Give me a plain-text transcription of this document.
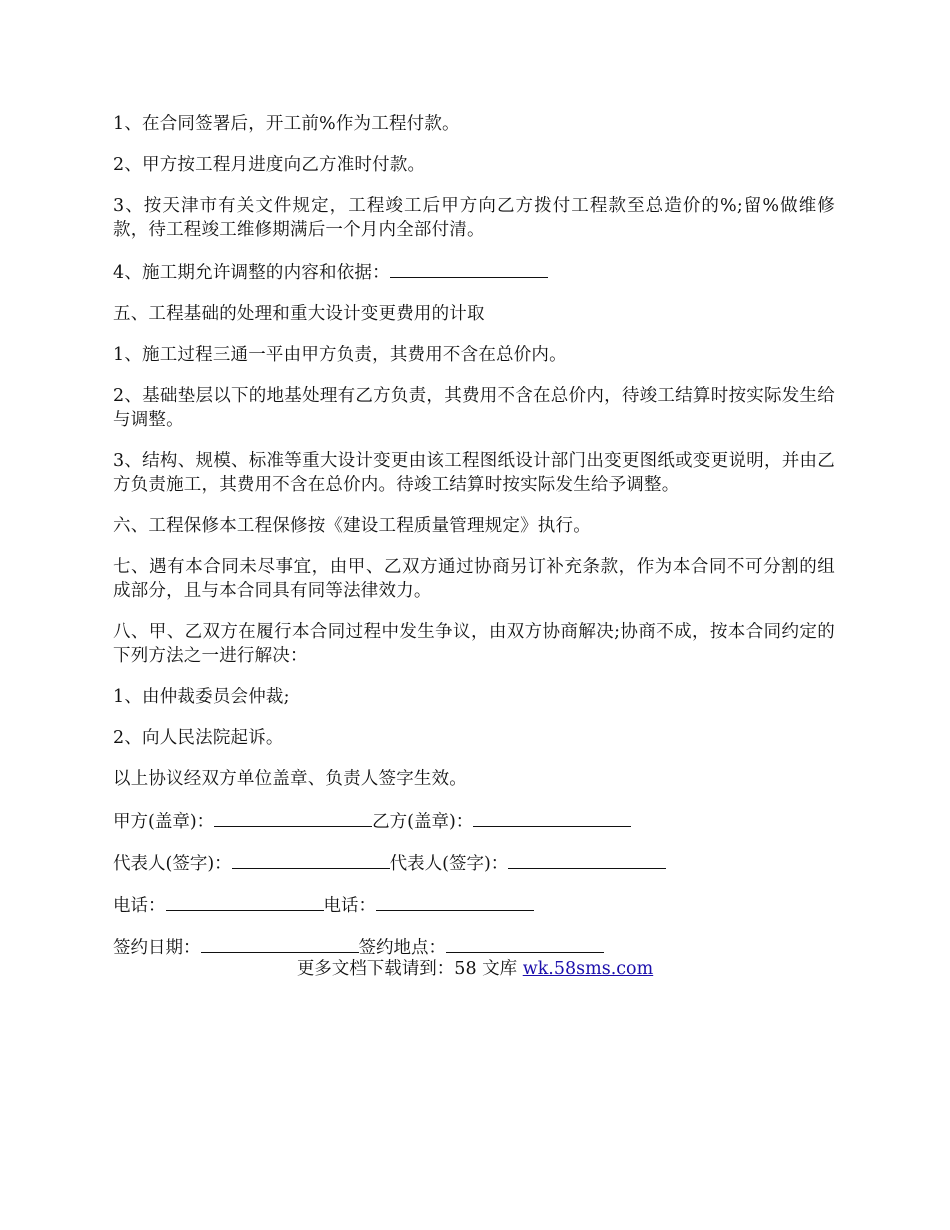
1、在合同签署后，开工前%作为工程付款。

2、甲方按工程月进度向乙方准时付款。

3、按天津市有关文件规定，工程竣工后甲方向乙方拨付工程款至总造价的%;留%做维修款，待工程竣工维修期满后一个月内全部付清。

4、施工期允许调整的内容和依据：

五、工程基础的处理和重大设计变更费用的计取

1、施工过程三通一平由甲方负责，其费用不含在总价内。

2、基础垫层以下的地基处理有乙方负责，其费用不含在总价内，待竣工结算时按实际发生给与调整。

3、结构、规模、标准等重大设计变更由该工程图纸设计部门出变更图纸或变更说明，并由乙方负责施工，其费用不含在总价内。待竣工结算时按实际发生给予调整。

六、工程保修本工程保修按《建设工程质量管理规定》执行。

七、遇有本合同未尽事宜，由甲、乙双方通过协商另订补充条款，作为本合同不可分割的组成部分，且与本合同具有同等法律效力。

八、甲、乙双方在履行本合同过程中发生争议，由双方协商解决;协商不成，按本合同约定的下列方法之一进行解决：

1、由仲裁委员会仲裁;

2、向人民法院起诉。

以上协议经双方单位盖章、负责人签字生效。

甲方(盖章)：	乙方(盖章)：
代表人(签字)：	代表人(签字)：
电话：	电话：
签约日期：	签约地点：
更多文档下载请到：58 文库 wk.58sms.com
